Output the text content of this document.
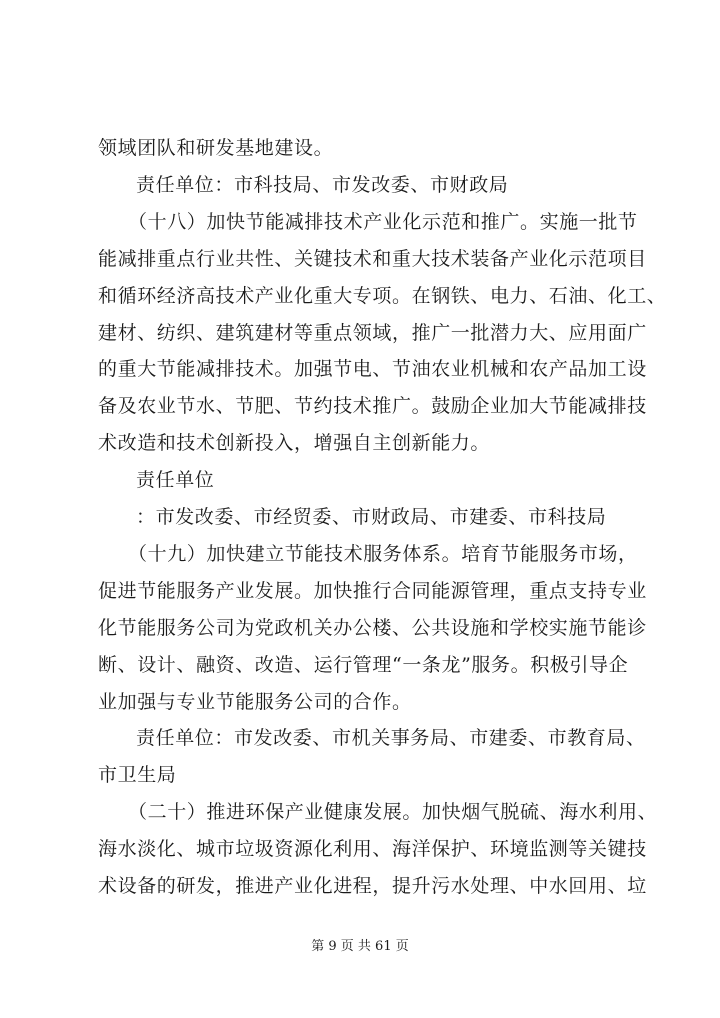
领域团队和研发基地建设。
责任单位：市科技局、市发改委、市财政局
（十八）加快节能减排技术产业化示范和推广。实施一批节
能减排重点行业共性、关键技术和重大技术装备产业化示范项目
和循环经济高技术产业化重大专项。在钢铁、电力、石油、化工、
建材、纺织、建筑建材等重点领域，推广一批潜力大、应用面广
的重大节能减排技术。加强节电、节油农业机械和农产品加工设
备及农业节水、节肥、节约技术推广。鼓励企业加大节能减排技
术改造和技术创新投入，增强自主创新能力。
责任单位
：市发改委、市经贸委、市财政局、市建委、市科技局
（十九）加快建立节能技术服务体系。培育节能服务市场，
促进节能服务产业发展。加快推行合同能源管理，重点支持专业
化节能服务公司为党政机关办公楼、公共设施和学校实施节能诊
断、设计、融资、改造、运行管理“一条龙”服务。积极引导企
业加强与专业节能服务公司的合作。
责任单位：市发改委、市机关事务局、市建委、市教育局、
市卫生局
（二十）推进环保产业健康发展。加快烟气脱硫、海水利用、
海水淡化、城市垃圾资源化利用、海洋保护、环境监测等关键技
术设备的研发，推进产业化进程，提升污水处理、中水回用、垃
第 9 页 共 61 页
